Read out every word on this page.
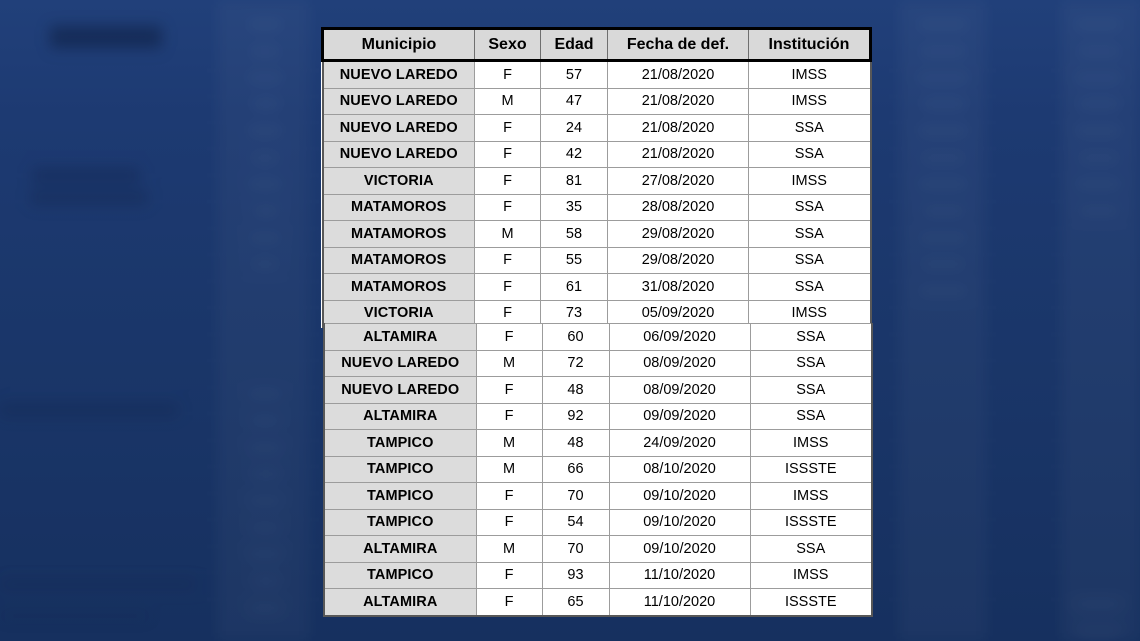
Municipio	Sexo	Edad	Fecha de def.	Institución
NUEVO LAREDO	F	57	21/08/2020	IMSS
NUEVO LAREDO	M	47	21/08/2020	IMSS
NUEVO LAREDO	F	24	21/08/2020	SSA
NUEVO LAREDO	F	42	21/08/2020	SSA
VICTORIA	F	81	27/08/2020	IMSS
MATAMOROS	F	35	28/08/2020	SSA
MATAMOROS	M	58	29/08/2020	SSA
MATAMOROS	F	55	29/08/2020	SSA
MATAMOROS	F	61	31/08/2020	SSA
VICTORIA	F	73	05/09/2020	IMSS
ALTAMIRA	F	60	06/09/2020	SSA
NUEVO LAREDO	M	72	08/09/2020	SSA
NUEVO LAREDO	F	48	08/09/2020	SSA
ALTAMIRA	F	92	09/09/2020	SSA
TAMPICO	M	48	24/09/2020	IMSS
TAMPICO	M	66	08/10/2020	ISSSTE
TAMPICO	F	70	09/10/2020	IMSS
TAMPICO	F	54	09/10/2020	ISSSTE
ALTAMIRA	M	70	09/10/2020	SSA
TAMPICO	F	93	11/10/2020	IMSS
ALTAMIRA	F	65	11/10/2020	ISSSTE
